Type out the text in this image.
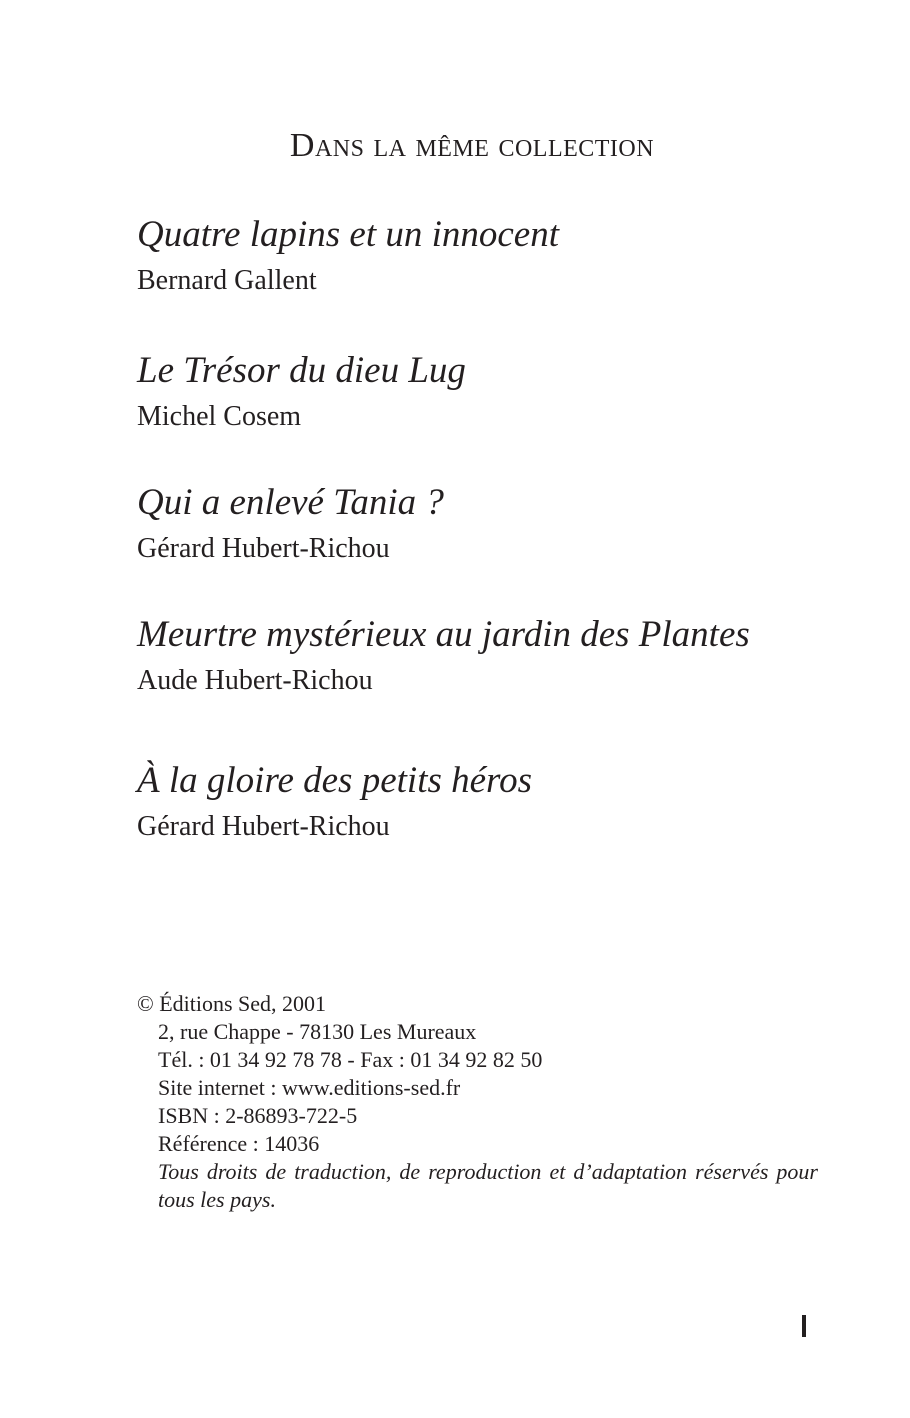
Dans la même collection
Quatre lapins et un innocent
Bernard Gallent
Le Trésor du dieu Lug
Michel Cosem
Qui a enlevé Tania ?
Gérard Hubert-Richou
Meurtre mystérieux au jardin des Plantes
Aude Hubert-Richou
À la gloire des petits héros
Gérard Hubert-Richou
© Éditions Sed, 2001
2, rue Chappe - 78130 Les Mureaux
Tél. : 01 34 92 78 78 - Fax : 01 34 92 82 50
Site internet : www.editions-sed.fr
ISBN : 2-86893-722-5
Référence : 14036
Tous droits de traduction, de reproduction et d’adaptation réservés pour tous les pays.
